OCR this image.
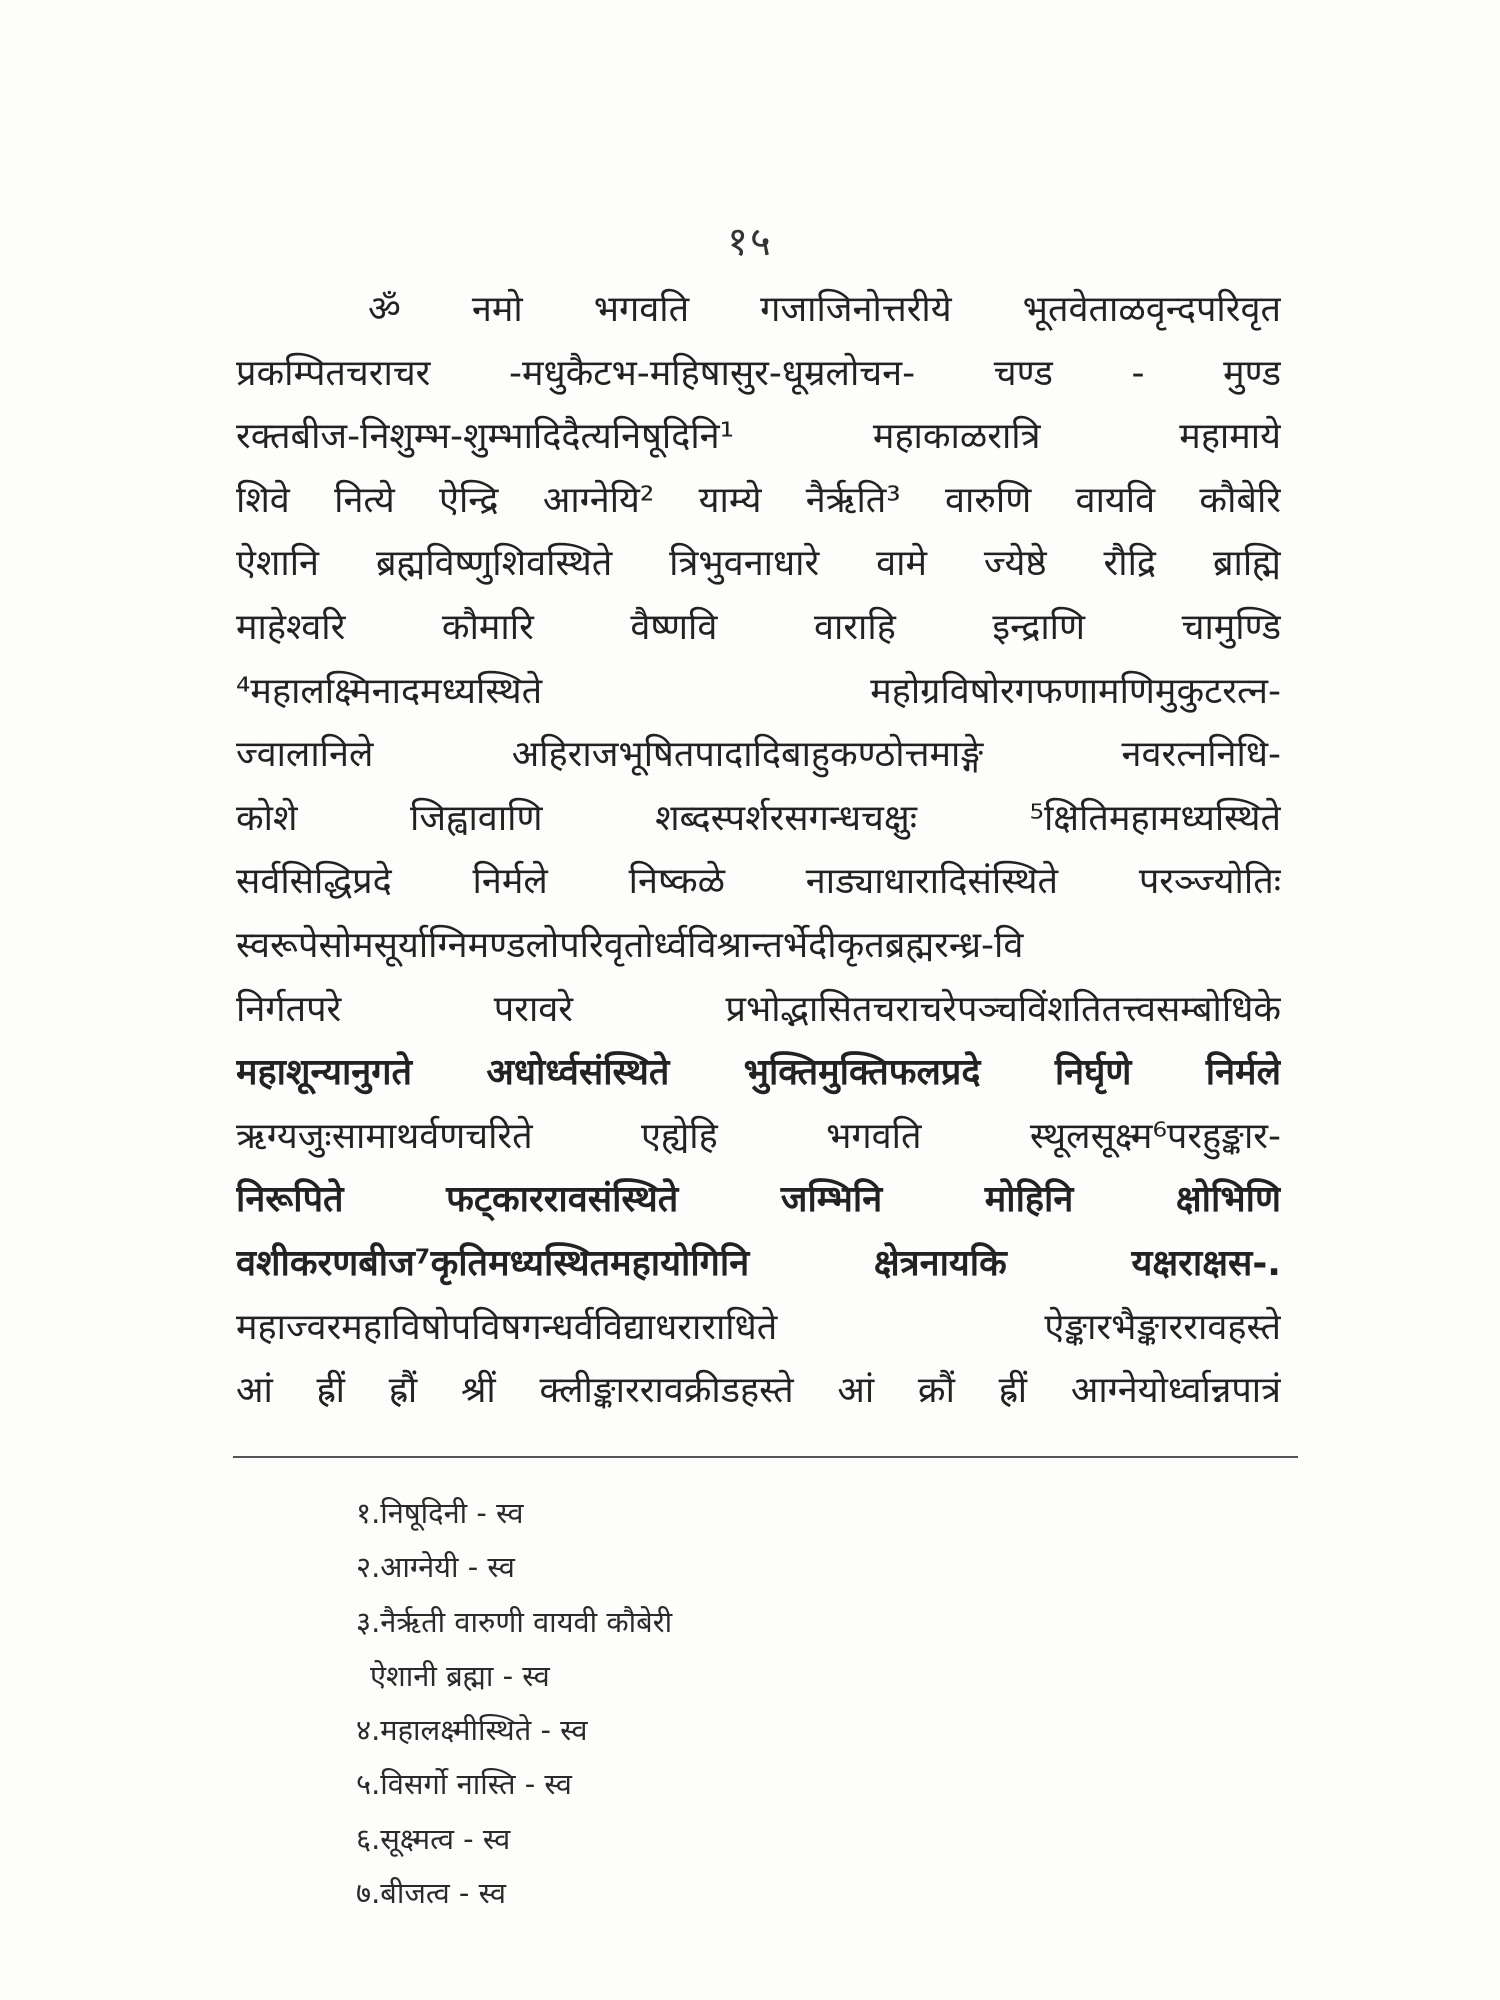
१५
ॐ नमो भगवति गजाजिनोत्तरीये भूतवेताळवृन्दपरिवृत
प्रकम्पितचराचर -मधुकैटभ-महिषासुर-धूम्रलोचन- चण्ड - मुण्ड
रक्तबीज-निशुम्भ-शुम्भादिदैत्यनिषूदिनि¹ महाकाळरात्रि महामाये
शिवे नित्ये ऐन्द्रि आग्नेयि² याम्ये नैर्ऋति³ वारुणि वायवि कौबेरि
ऐशानि ब्रह्मविष्णुशिवस्थिते त्रिभुवनाधारे वामे ज्येष्ठे रौद्रि ब्राह्मि
माहेश्वरि कौमारि वैष्णवि वाराहि इन्द्राणि चामुण्डि
⁴महालक्ष्मिनादमध्यस्थिते महोग्रविषोरगफणामणिमुकुटरत्न-
ज्वालानिले अहिराजभूषितपादादिबाहुकण्ठोत्तमाङ्गे नवरत्ननिधि-
कोशे जिह्वावाणि शब्दस्पर्शरसगन्धचक्षुः ⁵क्षितिमहामध्यस्थिते
सर्वसिद्धिप्रदे निर्मले निष्कळे नाड्याधारादिसंस्थिते परञ्ज्योतिः
स्वरूपेसोमसूर्याग्निमण्डलोपरिवृतोर्ध्वविश्रान्तर्भेदीकृतब्रह्मरन्ध्र-वि
निर्गतपरे परावरे प्रभोद्भासितचराचरेपञ्चविंशतितत्त्वसम्बोधिके
महाशून्यानुगते अधोर्ध्वसंस्थिते भुक्तिमुक्तिफलप्रदे निर्घृणे निर्मले
ऋग्यजुःसामाथर्वणचरिते एह्येहि भगवति स्थूलसूक्ष्म⁶परहुङ्कार-
निरूपिते फट्काररावसंस्थिते जम्भिनि मोहिनि क्षोभिणि
वशीकरणबीज⁷कृतिमध्यस्थितमहायोगिनि क्षेत्रनायकि यक्षराक्षस-.
महाज्वरमहाविषोपविषगन्धर्वविद्याधराराधिते ऐङ्कारभैङ्काररावहस्ते
आं ह्रीं ह्रौं श्रीं क्लीङ्काररावक्रीडहस्ते आं क्रौं ह्रीं आग्नेयोर्ध्वान्नपात्रं
१.निषूदिनी - स्व
२.आग्नेयी - स्व
३.नैर्ऋती वारुणी वायवी कौबेरी
ऐशानी ब्रह्मा - स्व
४.महालक्ष्मीस्थिते - स्व
५.विसर्गो नास्ति - स्व
६.सूक्ष्मत्व - स्व
७.बीजत्व - स्व
